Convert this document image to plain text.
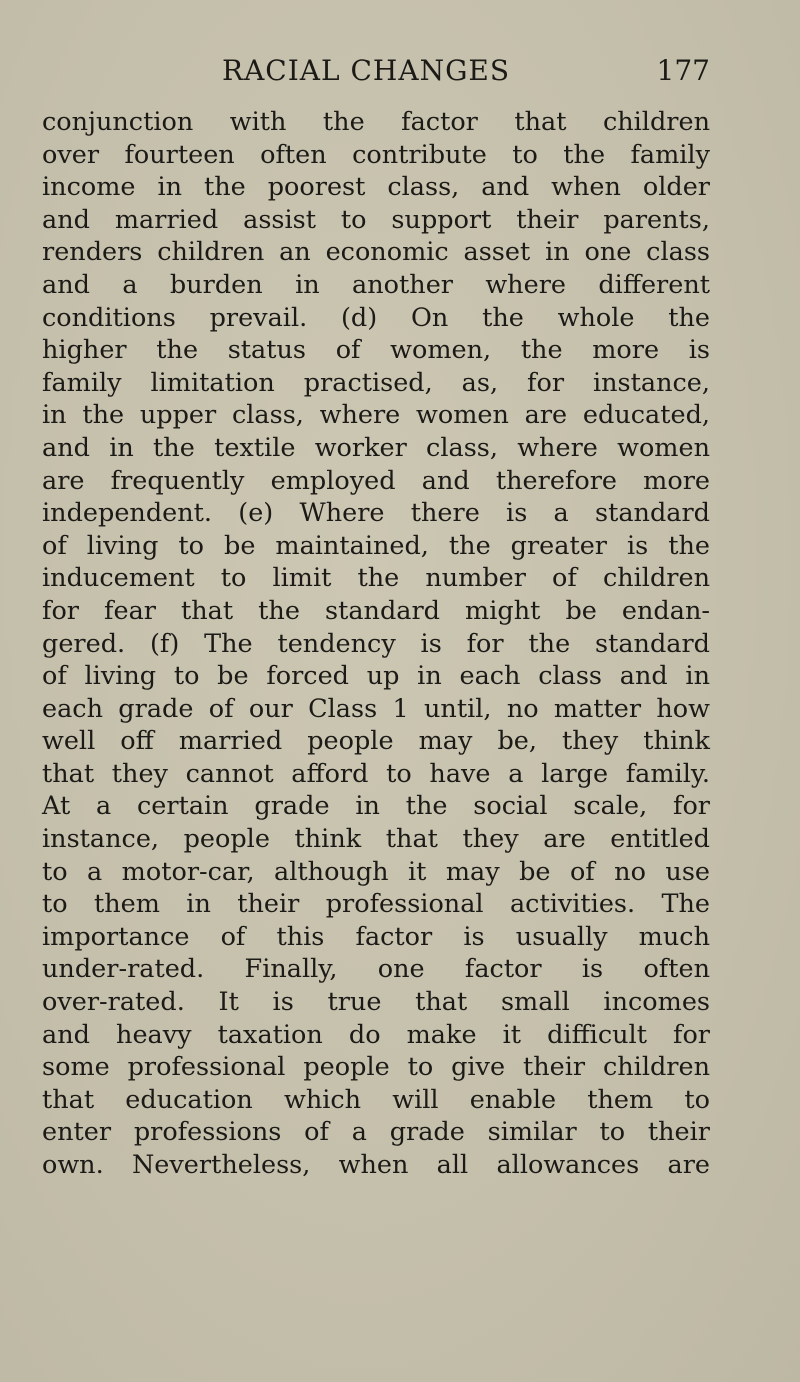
RACIAL CHANGES	177
conjunction with the factor that children
over fourteen often contribute to the family
income in the poorest class, and when older
and married assist to support their parents,
renders children an economic asset in one class
and a burden in another where different
conditions prevail. (d) On the whole the
higher the status of women, the more is
family limitation practised, as, for instance,
in the upper class, where women are educated,
and in the textile worker class, where women
are frequently employed and therefore more
independent. (e) Where there is a standard
of living to be maintained, the greater is the
inducement to limit the number of children
for fear that the standard might be endan-
gered. (f) The tendency is for the standard
of living to be forced up in each class and in
each grade of our Class 1 until, no matter how
well off married people may be, they think
that they cannot afford to have a large family.
At a certain grade in the social scale, for
instance, people think that they are entitled
to a motor-car, although it may be of no use
to them in their professional activities. The
importance of this factor is usually much
under-rated. Finally, one factor is often
over-rated. It is true that small incomes
and heavy taxation do make it difficult for
some professional people to give their children
that education which will enable them to
enter professions of a grade similar to their
own. Nevertheless, when all allowances are
